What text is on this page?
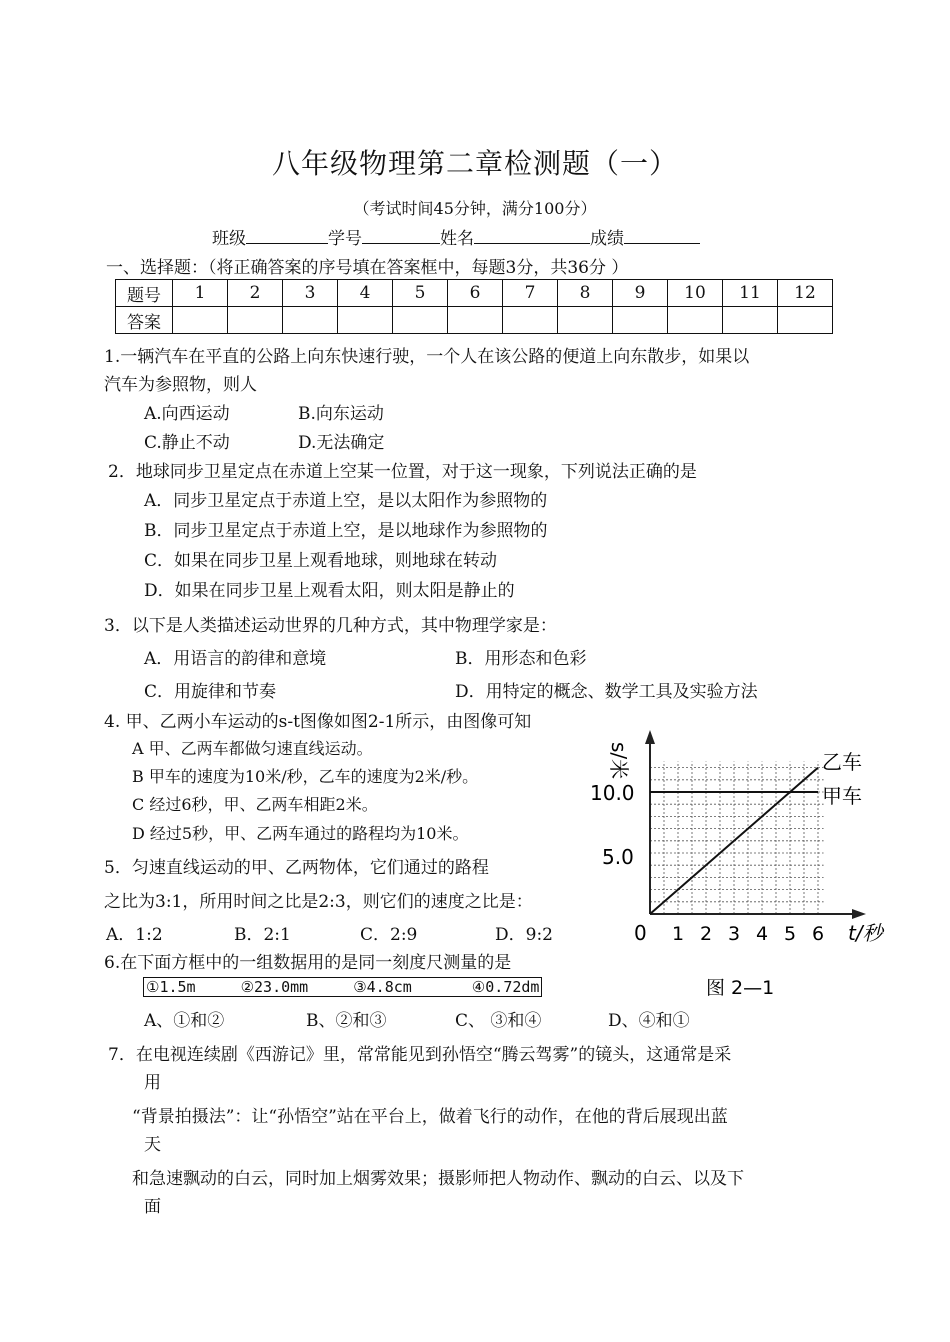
八年级物理第二章检测题（一）
（考试时间45分钟，满分100分）
班级	学号	姓名	成绩
一、选择题：（将正确答案的序号填在答案框中，每题3分，共36分 ）
题号	1	2	3	4	5	6	7	8	9	10	11	12
答案												
1.一辆汽车在平直的公路上向东快速行驶，一个人在该公路的便道上向东散步，如果以
汽车为参照物，则人
A.向西运动	B.向东运动
C.静止不动	D.无法确定
2．地球同步卫星定点在赤道上空某一位置，对于这一现象，下列说法正确的是
A．同步卫星定点于赤道上空，是以太阳作为参照物的
B．同步卫星定点于赤道上空，是以地球作为参照物的
C．如果在同步卫星上观看地球，则地球在转动
D．如果在同步卫星上观看太阳，则太阳是静止的
3．以下是人类描述运动世界的几种方式，其中物理学家是：
A．用语言的韵律和意境	B．用形态和色彩
C．用旋律和节奏	D．用特定的概念、数学工具及实验方法
4. 甲、乙两小车运动的s-t图像如图2-1所示，由图像可知
A 甲、乙两车都做匀速直线运动。
B 甲车的速度为10米/秒，乙车的速度为2米/秒。
C 经过6秒，甲、乙两车相距2米。
D 经过5秒，甲、乙两车通过的路程均为10米。
5．匀速直线运动的甲、乙两物体，它们通过的路程
之比为3:1，所用时间之比是2:3，则它们的速度之比是：
A．1:2	B．2:1	C．2:9	D．9:2
6.在下面方框中的一组数据用的是同一刻度尺测量的是
①1.5m　　　②23.0mm　　　③4.8cm　　　　④0.72dm
A、①和②	B、②和③	C、 ③和④	D、④和①
7．在电视连续剧《西游记》里，常常能见到孙悟空“腾云驾雾”的镜头，这通常是采
用
“背景拍摄法”：让“孙悟空”站在平台上，做着飞行的动作，在他的背后展现出蓝
天
和急速飘动的白云，同时加上烟雾效果；摄影师把人物动作、飘动的白云、以及下
面
1 2 3 4 5 6
s/米
t/秒
0
10.0
5.0
乙车
甲车
图 2—1
